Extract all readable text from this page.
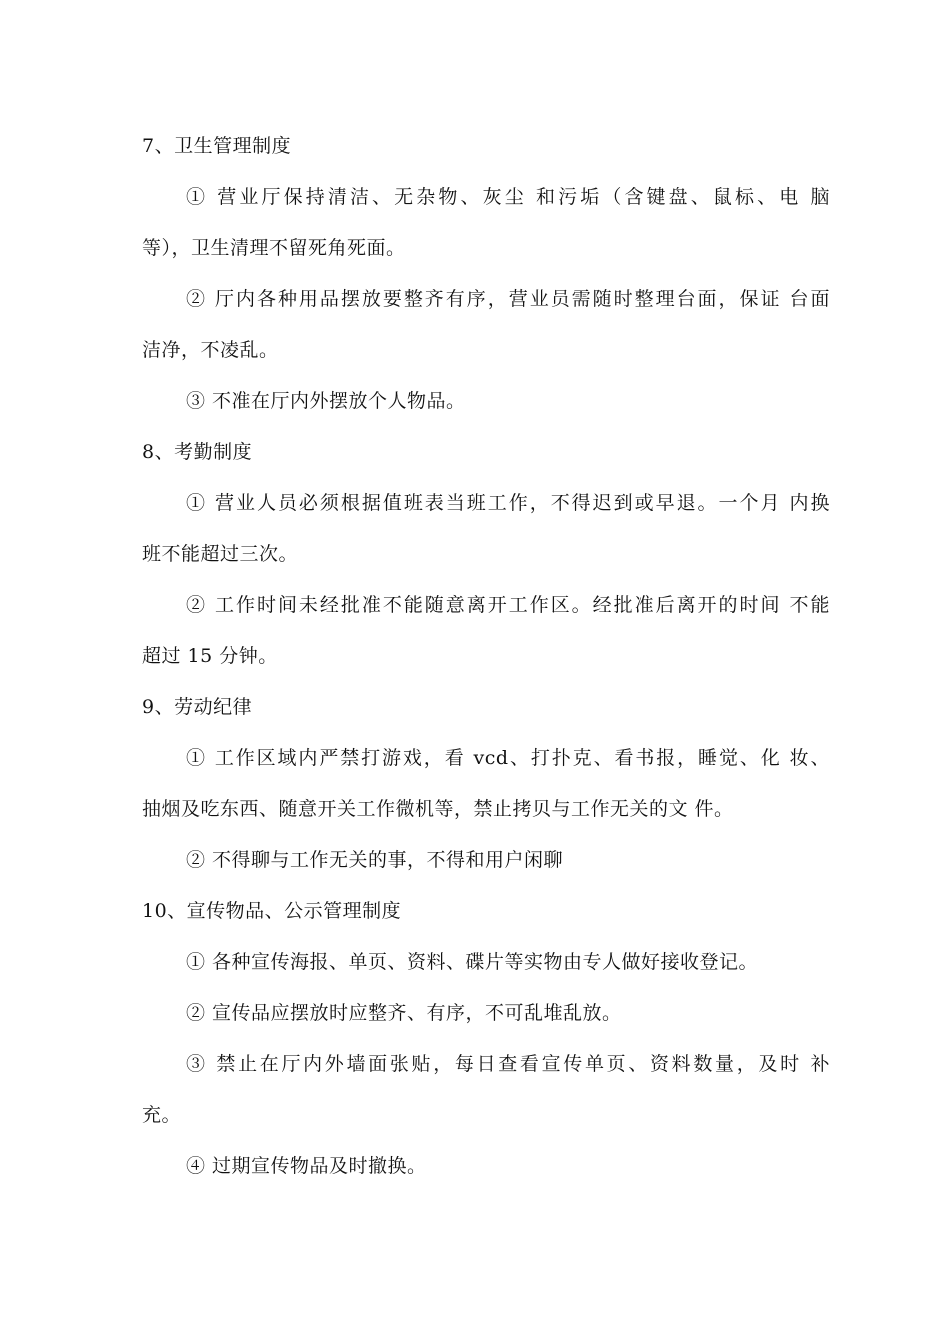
7、卫生管理制度
① 营业厅保持清洁、无杂物、灰尘 和污垢（含键盘、鼠标、电 脑
等），卫生清理不留死角死面。
② 厅内各种用品摆放要整齐有序，营业员需随时整理台面，保证 台面
洁净，不凌乱。
③ 不准在厅内外摆放个人物品。
8、考勤制度
① 营业人员必须根据值班表当班工作，不得迟到或早退。一个月 内换
班不能超过三次。
② 工作时间未经批准不能随意离开工作区。经批准后离开的时间 不能
超过 15 分钟。
9、劳动纪律
① 工作区域内严禁打游戏，看 vcd、打扑克、看书报，睡觉、化 妆、
抽烟及吃东西、随意开关工作微机等，禁止拷贝与工作无关的文 件。
② 不得聊与工作无关的事，不得和用户闲聊
10、宣传物品、公示管理制度
① 各种宣传海报、单页、资料、碟片等实物由专人做好接收登记。
② 宣传品应摆放时应整齐、有序，不可乱堆乱放。
③ 禁止在厅内外墙面张贴，每日查看宣传单页、资料数量，及时 补
充。
④ 过期宣传物品及时撤换。
